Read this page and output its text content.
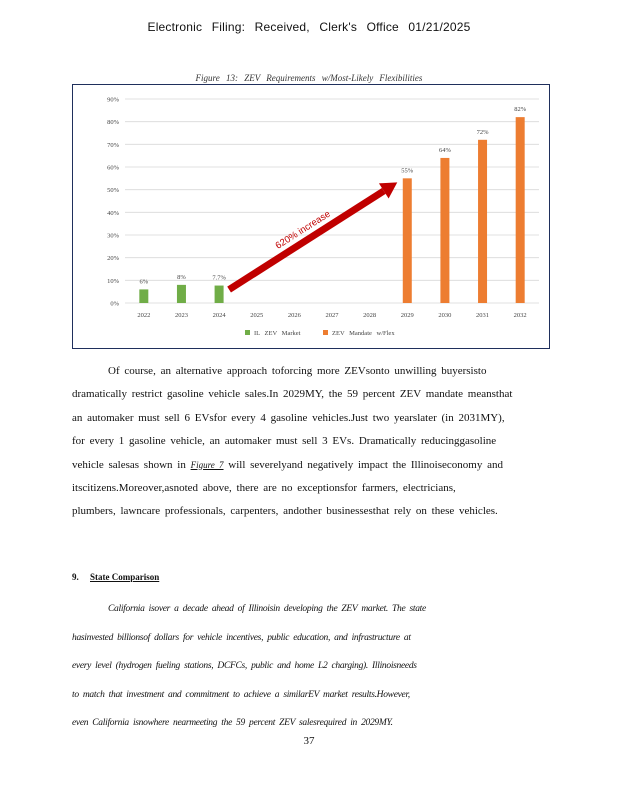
Electronic Filing: Received, Clerk's Office 01/21/2025
Figure 13: ZEV Requirements w/Most-Likely Flexibilities
0%
10%
20%
30%
40%
50%
60%
70%
80%
90%
2022	2023	2024	2025	2026	2027	2028	2029	2030	2031	2032
6%
8%	7.7%
55%
64%
72%
82%
620% increase
IL ZEV Market	ZEV Mandate w/Flex
Of course, an alternative approach toforcing more ZEVsonto unwilling buyersisto
dramatically restrict gasoline vehicle sales.In 2029MY, the 59 percent ZEV mandate meansthat
an automaker must sell 6 EVsfor every 4 gasoline vehicles.Just two yearslater (in 2031MY),
for every 1 gasoline vehicle, an automaker must sell 3 EVs. Dramatically reducinggasoline
vehicle salesas shown in Figure 7 will severelyand negatively impact the Illinoiseconomy and
itscitizens.Moreover,asnoted above, there are no exceptionsfor farmers, electricians,
plumbers, lawncare professionals, carpenters, andother businessesthat rely on these vehicles.
9. State Comparison
California isover a decade ahead of Illinoisin developing the ZEV market. The state
hasinvested billionsof dollars for vehicle incentives, public education, and infrastructure at
every level (hydrogen fueling stations, DCFCs, public and home L2 charging). Illinoisneeds
to match that investment and commitment to achieve a similarEV market results.However,
even California isnowhere nearmeeting the 59 percent ZEV salesrequired in 2029MY.
37
